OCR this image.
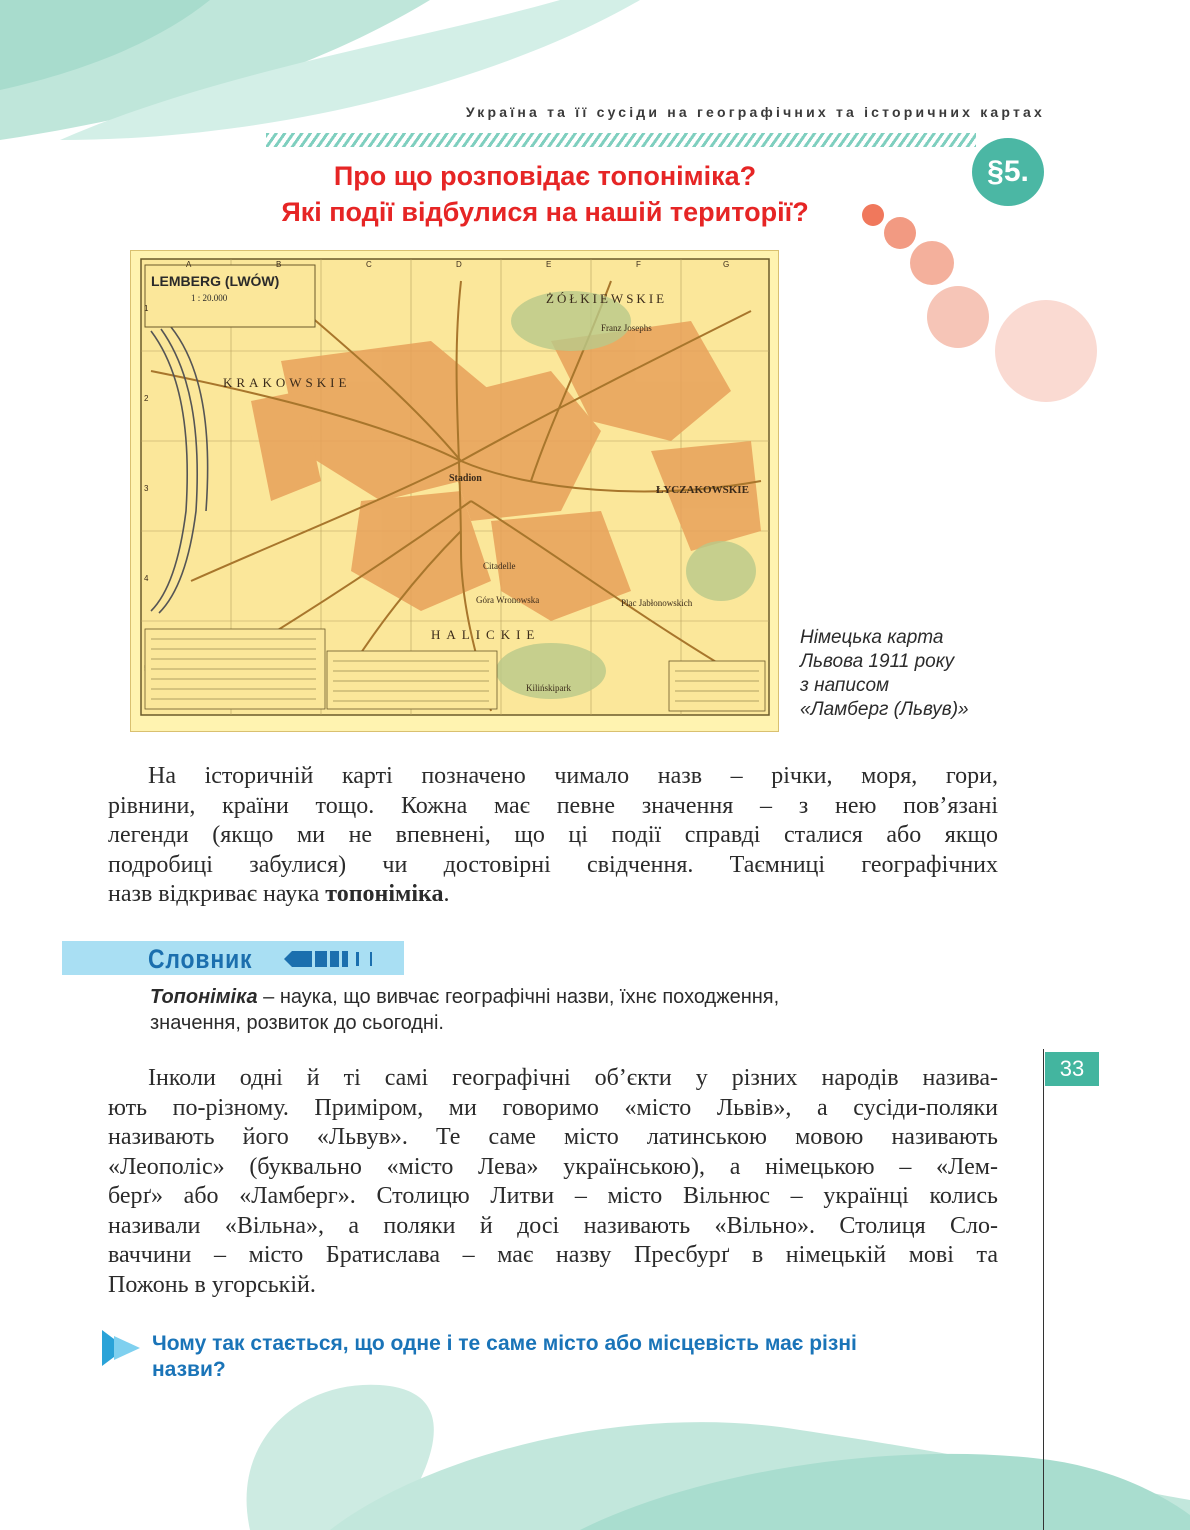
Україна та її сусіди на географічних та історичних картах
§5.
Про що розповідає топоніміка?
Які події відбулися на нашій території?
LEMBERG (LWÓW)
1 : 20.000
KRAKOWSKIE
ŻÓŁKIEWSKIE
ŁYCZAKOWSKIE
HALICKIE
Citadelle
Góra Wronowska	Plac Jabłonowskich
Stadion
Kilińskipark
Franz Josephs
A	B	C	D	E	F	G
1
2
3
4
Німецька карта
Львова 1911 року
з написом
«Ламберг (Львув)»
На історичній карті позначено чимало назв – річки, моря, гори,
рівнини, країни тощо. Кожна має певне значення – з нею пов’язані
легенди (якщо ми не впевнені, що ці події справді сталися або якщо
подробиці забулися) чи достовірні свідчення. Таємниці географічних
назв відкриває наука топоніміка.
Словник
Топоніміка – наука, що вивчає географічні назви, їхнє походження,
значення, розвиток до сьогодні.
Інколи одні й ті самі географічні об’єкти у різних народів назива-
ють по-різному. Приміром, ми говоримо «місто Львів», а сусіди-поляки
називають його «Львув». Те саме місто латинською мовою називають
«Леополіс» (буквально «місто Лева» українською), а німецькою – «Лем-
берґ» або «Ламберг». Столицю Литви – місто Вільнюс – українці колись
називали «Вільна», а поляки й досі називають «Вільно». Столиця Сло-
ваччини – місто Братислава – має назву Пресбурґ в німецькій мові та
Пожонь в угорській.
Чому так стається, що одне і те саме місто або місцевість має різні
назви?
33
